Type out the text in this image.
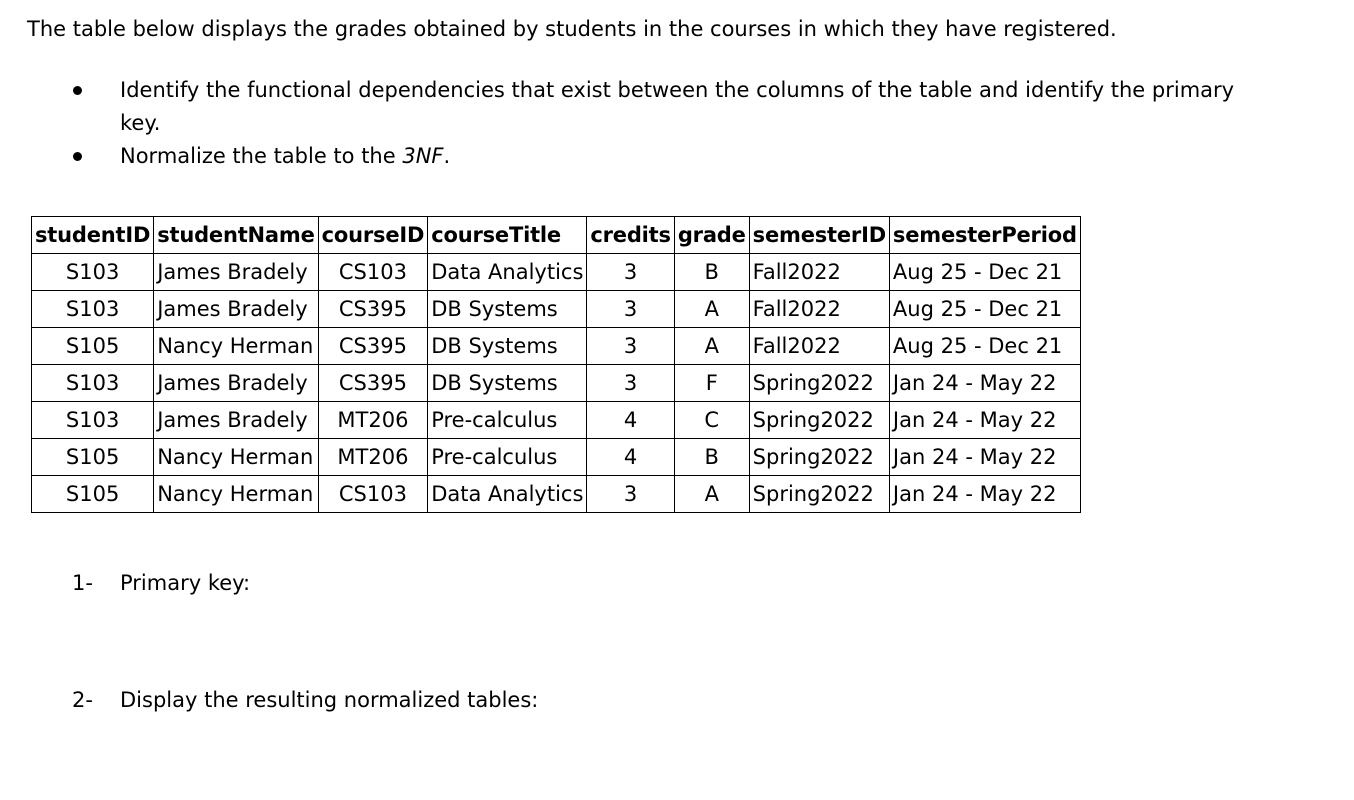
The table below displays the grades obtained by students in the courses in which they have registered.

Identify the functional dependencies that exist between the columns of the table and identify the primary key.
Normalize the table to the 3NF.
studentID	studentName	courseID	courseTitle	credits	grade	semesterID	semesterPeriod
S103	James Bradely	CS103	Data Analytics	3	B	Fall2022	Aug 25 - Dec 21
S103	James Bradely	CS395	DB Systems	3	A	Fall2022	Aug 25 - Dec 21
S105	Nancy Herman	CS395	DB Systems	3	A	Fall2022	Aug 25 - Dec 21
S103	James Bradely	CS395	DB Systems	3	F	Spring2022	Jan 24 - May 22
S103	James Bradely	MT206	Pre-calculus	4	C	Spring2022	Jan 24 - May 22
S105	Nancy Herman	MT206	Pre-calculus	4	B	Spring2022	Jan 24 - May 22
S105	Nancy Herman	CS103	Data Analytics	3	A	Spring2022	Jan 24 - May 22

1- Primary key:

2- Display the resulting normalized tables:
